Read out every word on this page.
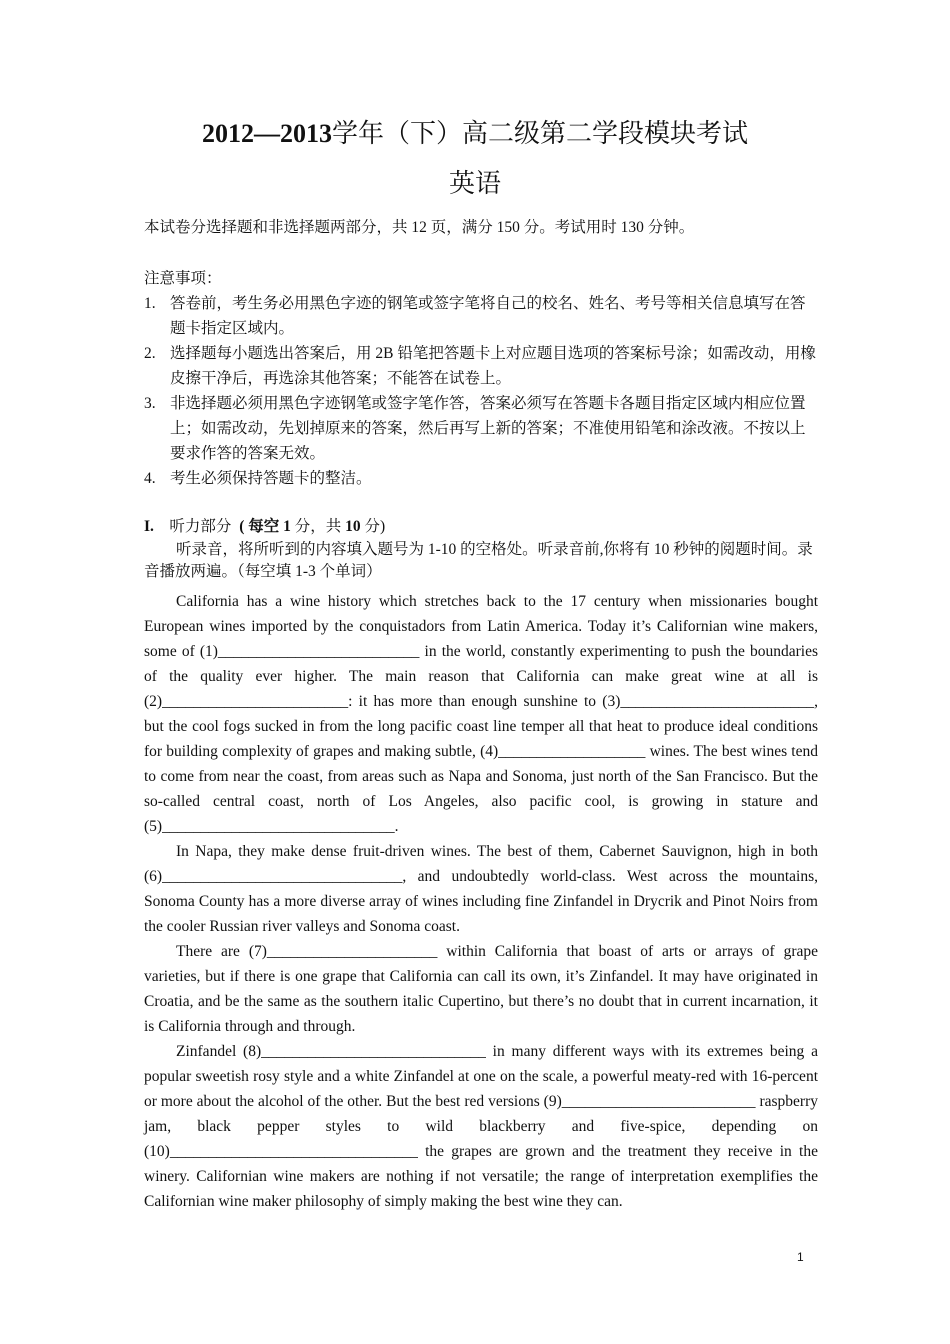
2012—2013学年（下）高二级第二学段模块考试
英语
本试卷分选择题和非选择题两部分，共 12 页，满分 150 分。考试用时 130 分钟。
注意事项：
1. 答卷前，考生务必用黑色字迹的钢笔或签字笔将自己的校名、姓名、考号等相关信息填写在答题卡指定区域内。
2. 选择题每小题选出答案后，用 2B 铅笔把答题卡上对应题目选项的答案标号涂；如需改动，用橡皮擦干净后，再选涂其他答案；不能答在试卷上。
3. 非选择题必须用黑色字迹钢笔或签字笔作答，答案必须写在答题卡各题目指定区域内相应位置上；如需改动，先划掉原来的答案，然后再写上新的答案；不准使用铅笔和涂改液。不按以上要求作答的答案无效。
4. 考生必须保持答题卡的整洁。
I. 听力部分 ( 每空 1 分，共 10 分)

听录音，将所听到的内容填入题号为 1-10 的空格处。听录音前,你将有 10 秒钟的阅题时间。录音播放两遍。（每空填 1-3 个单词）

California has a wine history which stretches back to the 17 century when missionaries bought European wines imported by the conquistadors from Latin America. Today it’s Californian wine makers, some of (1)__________________________ in the world, constantly experimenting to push the boundaries of the quality ever higher. The main reason that California can make great wine at all is (2)________________________: it has more than enough sunshine to (3)_________________________, but the cool fogs sucked in from the long pacific coast line temper all that heat to produce ideal conditions for building complexity of grapes and making subtle, (4)___________________ wines. The best wines tend to come from near the coast, from areas such as Napa and Sonoma, just north of the San Francisco. But the so-called central coast, north of Los Angeles, also pacific cool, is growing in stature and (5)______________________________.

In Napa, they make dense fruit-driven wines. The best of them, Cabernet Sauvignon, high in both (6)_______________________________, and undoubtedly world-class. West across the mountains, Sonoma County has a more diverse array of wines including fine Zinfandel in Drycrik and Pinot Noirs from the cooler Russian river valleys and Sonoma coast.

There are (7)______________________ within California that boast of arts or arrays of grape varieties, but if there is one grape that California can call its own, it’s Zinfandel. It may have originated in Croatia, and be the same as the southern italic Cupertino, but there’s no doubt that in current incarnation, it is California through and through.

Zinfandel (8)_____________________________ in many different ways with its extremes being a popular sweetish rosy style and a white Zinfandel at one on the scale, a powerful meaty-red with 16-percent or more about the alcohol of the other. But the best red versions (9)_________________________ raspberry jam, black pepper styles to wild blackberry and five-spice, depending on (10)________________________________ the grapes are grown and the treatment they receive in the winery. Californian wine makers are nothing if not versatile; the range of interpretation exemplifies the Californian wine maker philosophy of simply making the best wine they can.

1
